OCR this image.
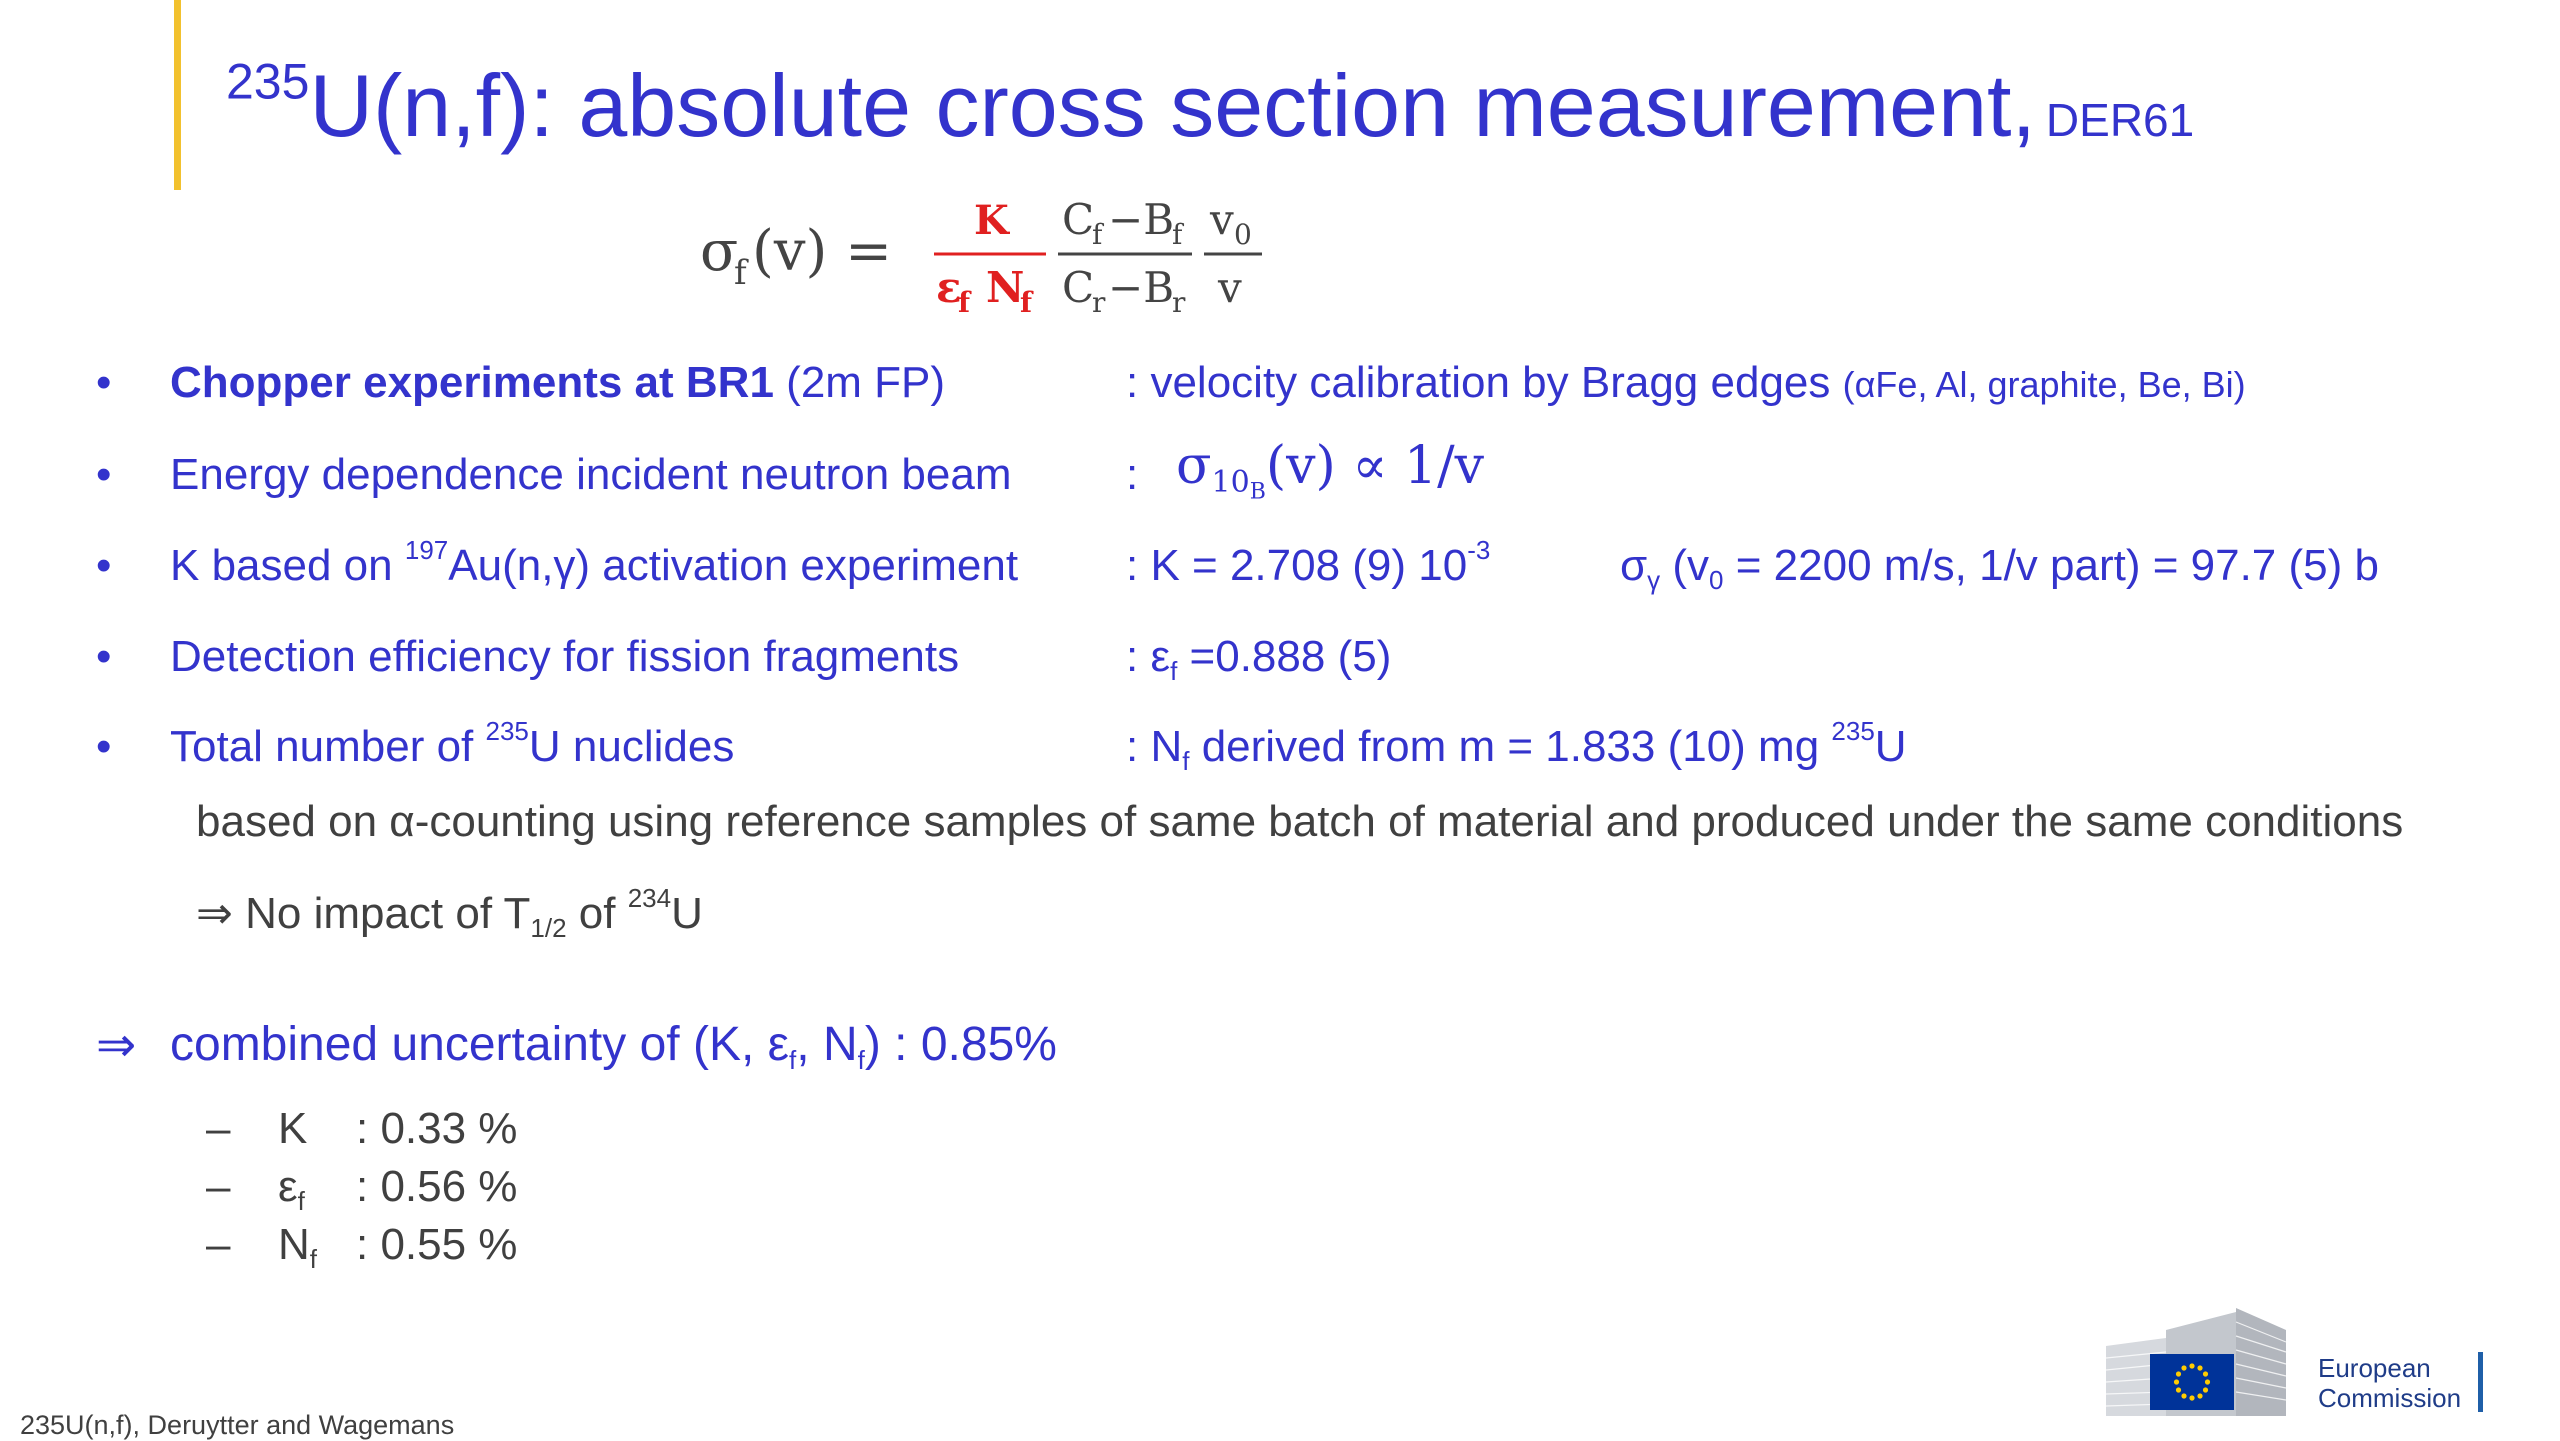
$^{235}$U(n,f): absolute cross section measurement, DER61
σ
f (v) = K
ε
f N
f
C
f −B
f
C
r −B
r
v 0
v
• Chopper experiments at BR1 (2m FP)	: velocity calibration by Bragg edges (αFe, Al, graphite, Be, Bi)
• Energy dependence incident neutron beam	: $\sigma_{10_B}(v) \propto 1/v$
• K based on $^{197}$Au(n,γ) activation experiment : K = 2.708 (9) $10^{-3}$	$\sigma_\gamma$ ($v_0 = 2200$ m/s, 1/v part) = 97.7 (5) b
• Detection efficiency for fission fragments	: $\varepsilon_f =0.888$ (5)
• Total number of $^{235}$U nuclides	: $N_f$ derived from m = 1.833 (10) mg $^{235}$U
based on α-counting using reference samples of same batch of material and produced under the same conditions
⇒ No impact of $T_{1/2}$ of $^{234}$U
⇒ combined uncertainty of (K, $\varepsilon_f$, $N_f$) : 0.85%
– K : 0.33 %
– $\varepsilon_f$ : 0.56 %
– $N_f$ : 0.55 %
235U(n,f), Deruytter and Wagemans
European
Commission
